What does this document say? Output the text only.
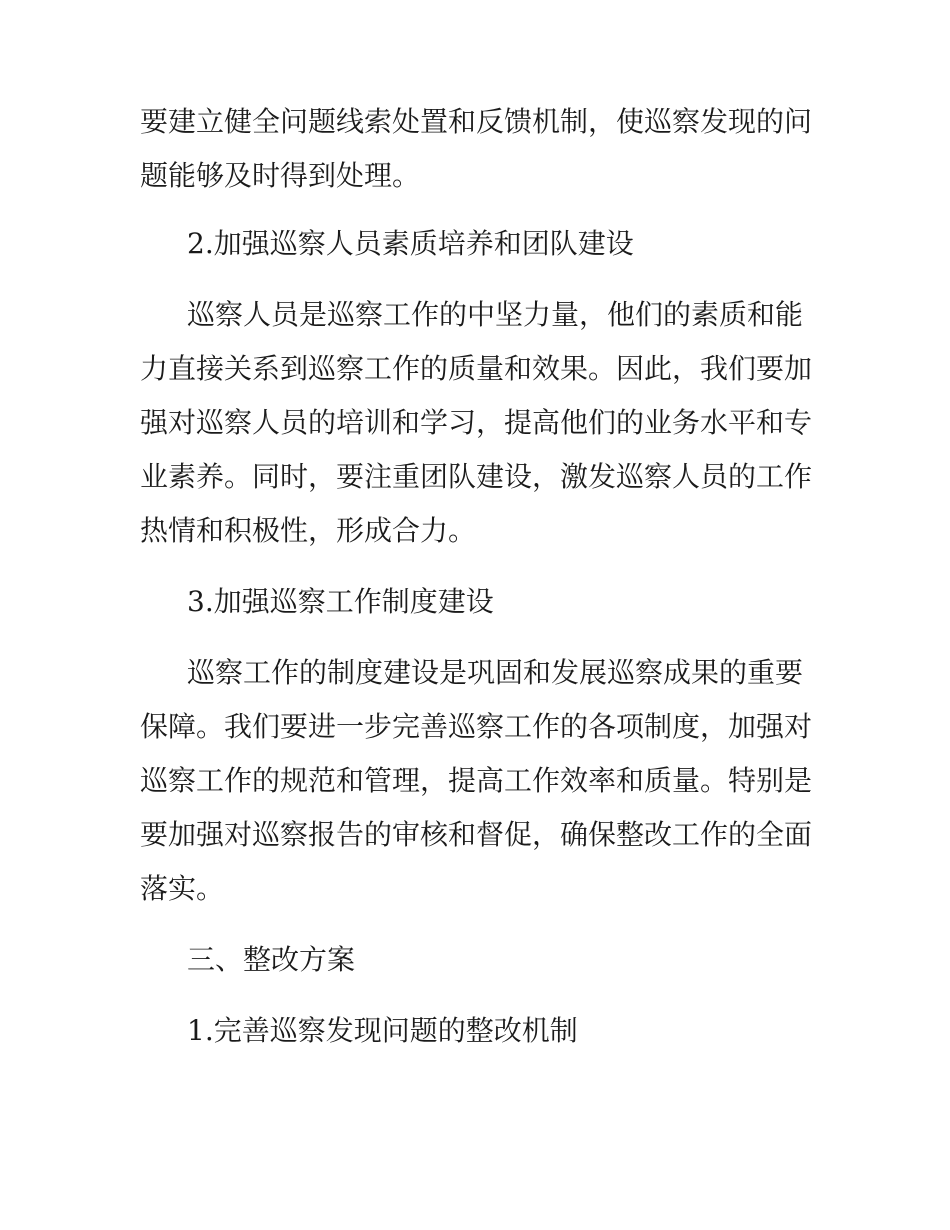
要建立健全问题线索处置和反馈机制，使巡察发现的问
题能够及时得到处理。
2.加强巡察人员素质培养和团队建设
巡察人员是巡察工作的中坚力量，他们的素质和能
力直接关系到巡察工作的质量和效果。因此，我们要加
强对巡察人员的培训和学习，提高他们的业务水平和专
业素养。同时，要注重团队建设，激发巡察人员的工作
热情和积极性，形成合力。
3.加强巡察工作制度建设
巡察工作的制度建设是巩固和发展巡察成果的重要
保障。我们要进一步完善巡察工作的各项制度，加强对
巡察工作的规范和管理，提高工作效率和质量。特别是
要加强对巡察报告的审核和督促，确保整改工作的全面
落实。
三、整改方案
1.完善巡察发现问题的整改机制
